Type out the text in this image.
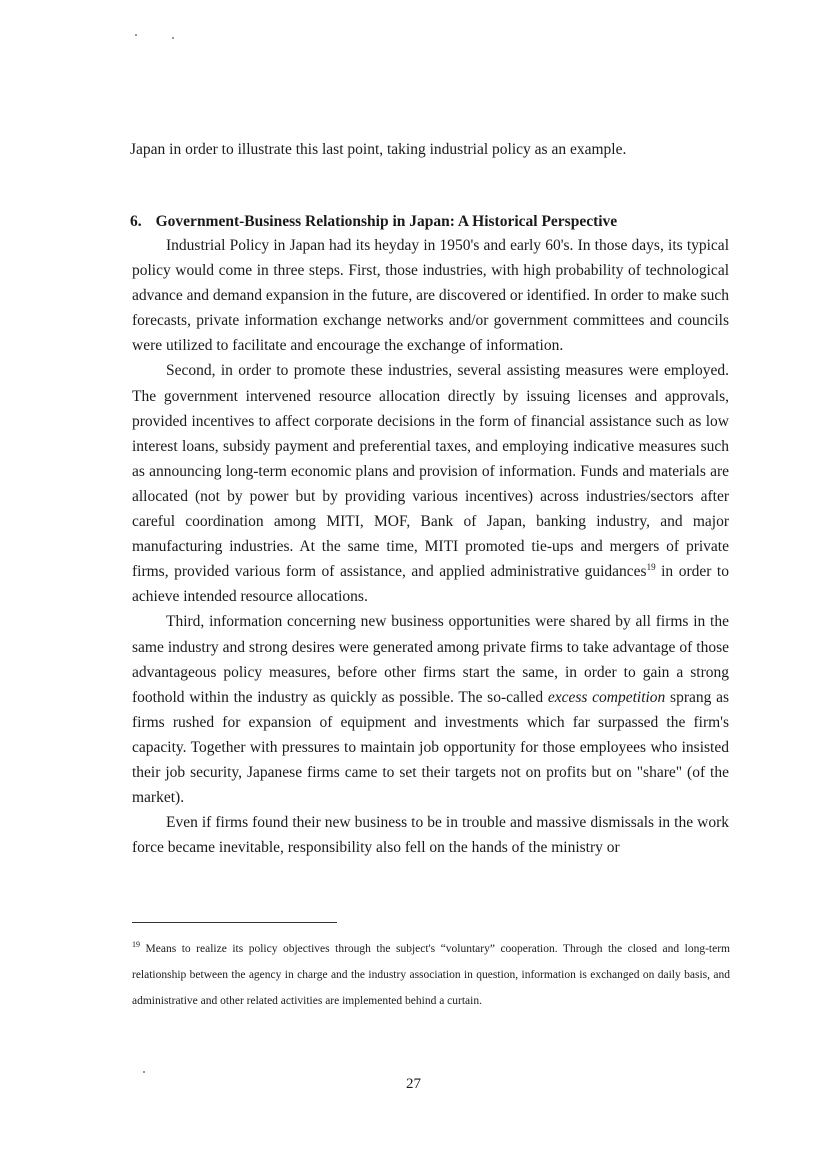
Japan in order to illustrate this last point, taking industrial policy as an example.
6. Government-Business Relationship in Japan: A Historical Perspective

Industrial Policy in Japan had its heyday in 1950's and early 60's. In those days, its typical policy would come in three steps. First, those industries, with high probability of technological advance and demand expansion in the future, are discovered or identified. In order to make such forecasts, private information exchange networks and/or government committees and councils were utilized to facilitate and encourage the exchange of information.

Second, in order to promote these industries, several assisting measures were employed. The government intervened resource allocation directly by issuing licenses and approvals, provided incentives to affect corporate decisions in the form of financial assistance such as low interest loans, subsidy payment and preferential taxes, and employing indicative measures such as announcing long-term economic plans and provision of information. Funds and materials are allocated (not by power but by providing various incentives) across industries/sectors after careful coordination among MITI, MOF, Bank of Japan, banking industry, and major manufacturing industries. At the same time, MITI promoted tie-ups and mergers of private firms, provided various form of assistance, and applied administrative guidances$^{19}$ in order to achieve intended resource allocations.

Third, information concerning new business opportunities were shared by all firms in the same industry and strong desires were generated among private firms to take advantage of those advantageous policy measures, before other firms start the same, in order to gain a strong foothold within the industry as quickly as possible. The so-called excess competition sprang as firms rushed for expansion of equipment and investments which far surpassed the firm's capacity. Together with pressures to maintain job opportunity for those employees who insisted their job security, Japanese firms came to set their targets not on profits but on "share" (of the market).

Even if firms found their new business to be in trouble and massive dismissals in the work force became inevitable, responsibility also fell on the hands of the ministry or

$^{19}$ Means to realize its policy objectives through the subject's “voluntary” cooperation. Through the closed and long-term relationship between the agency in charge and the industry association in question, information is exchanged on daily basis, and administrative and other related activities are implemented behind a curtain.
27
